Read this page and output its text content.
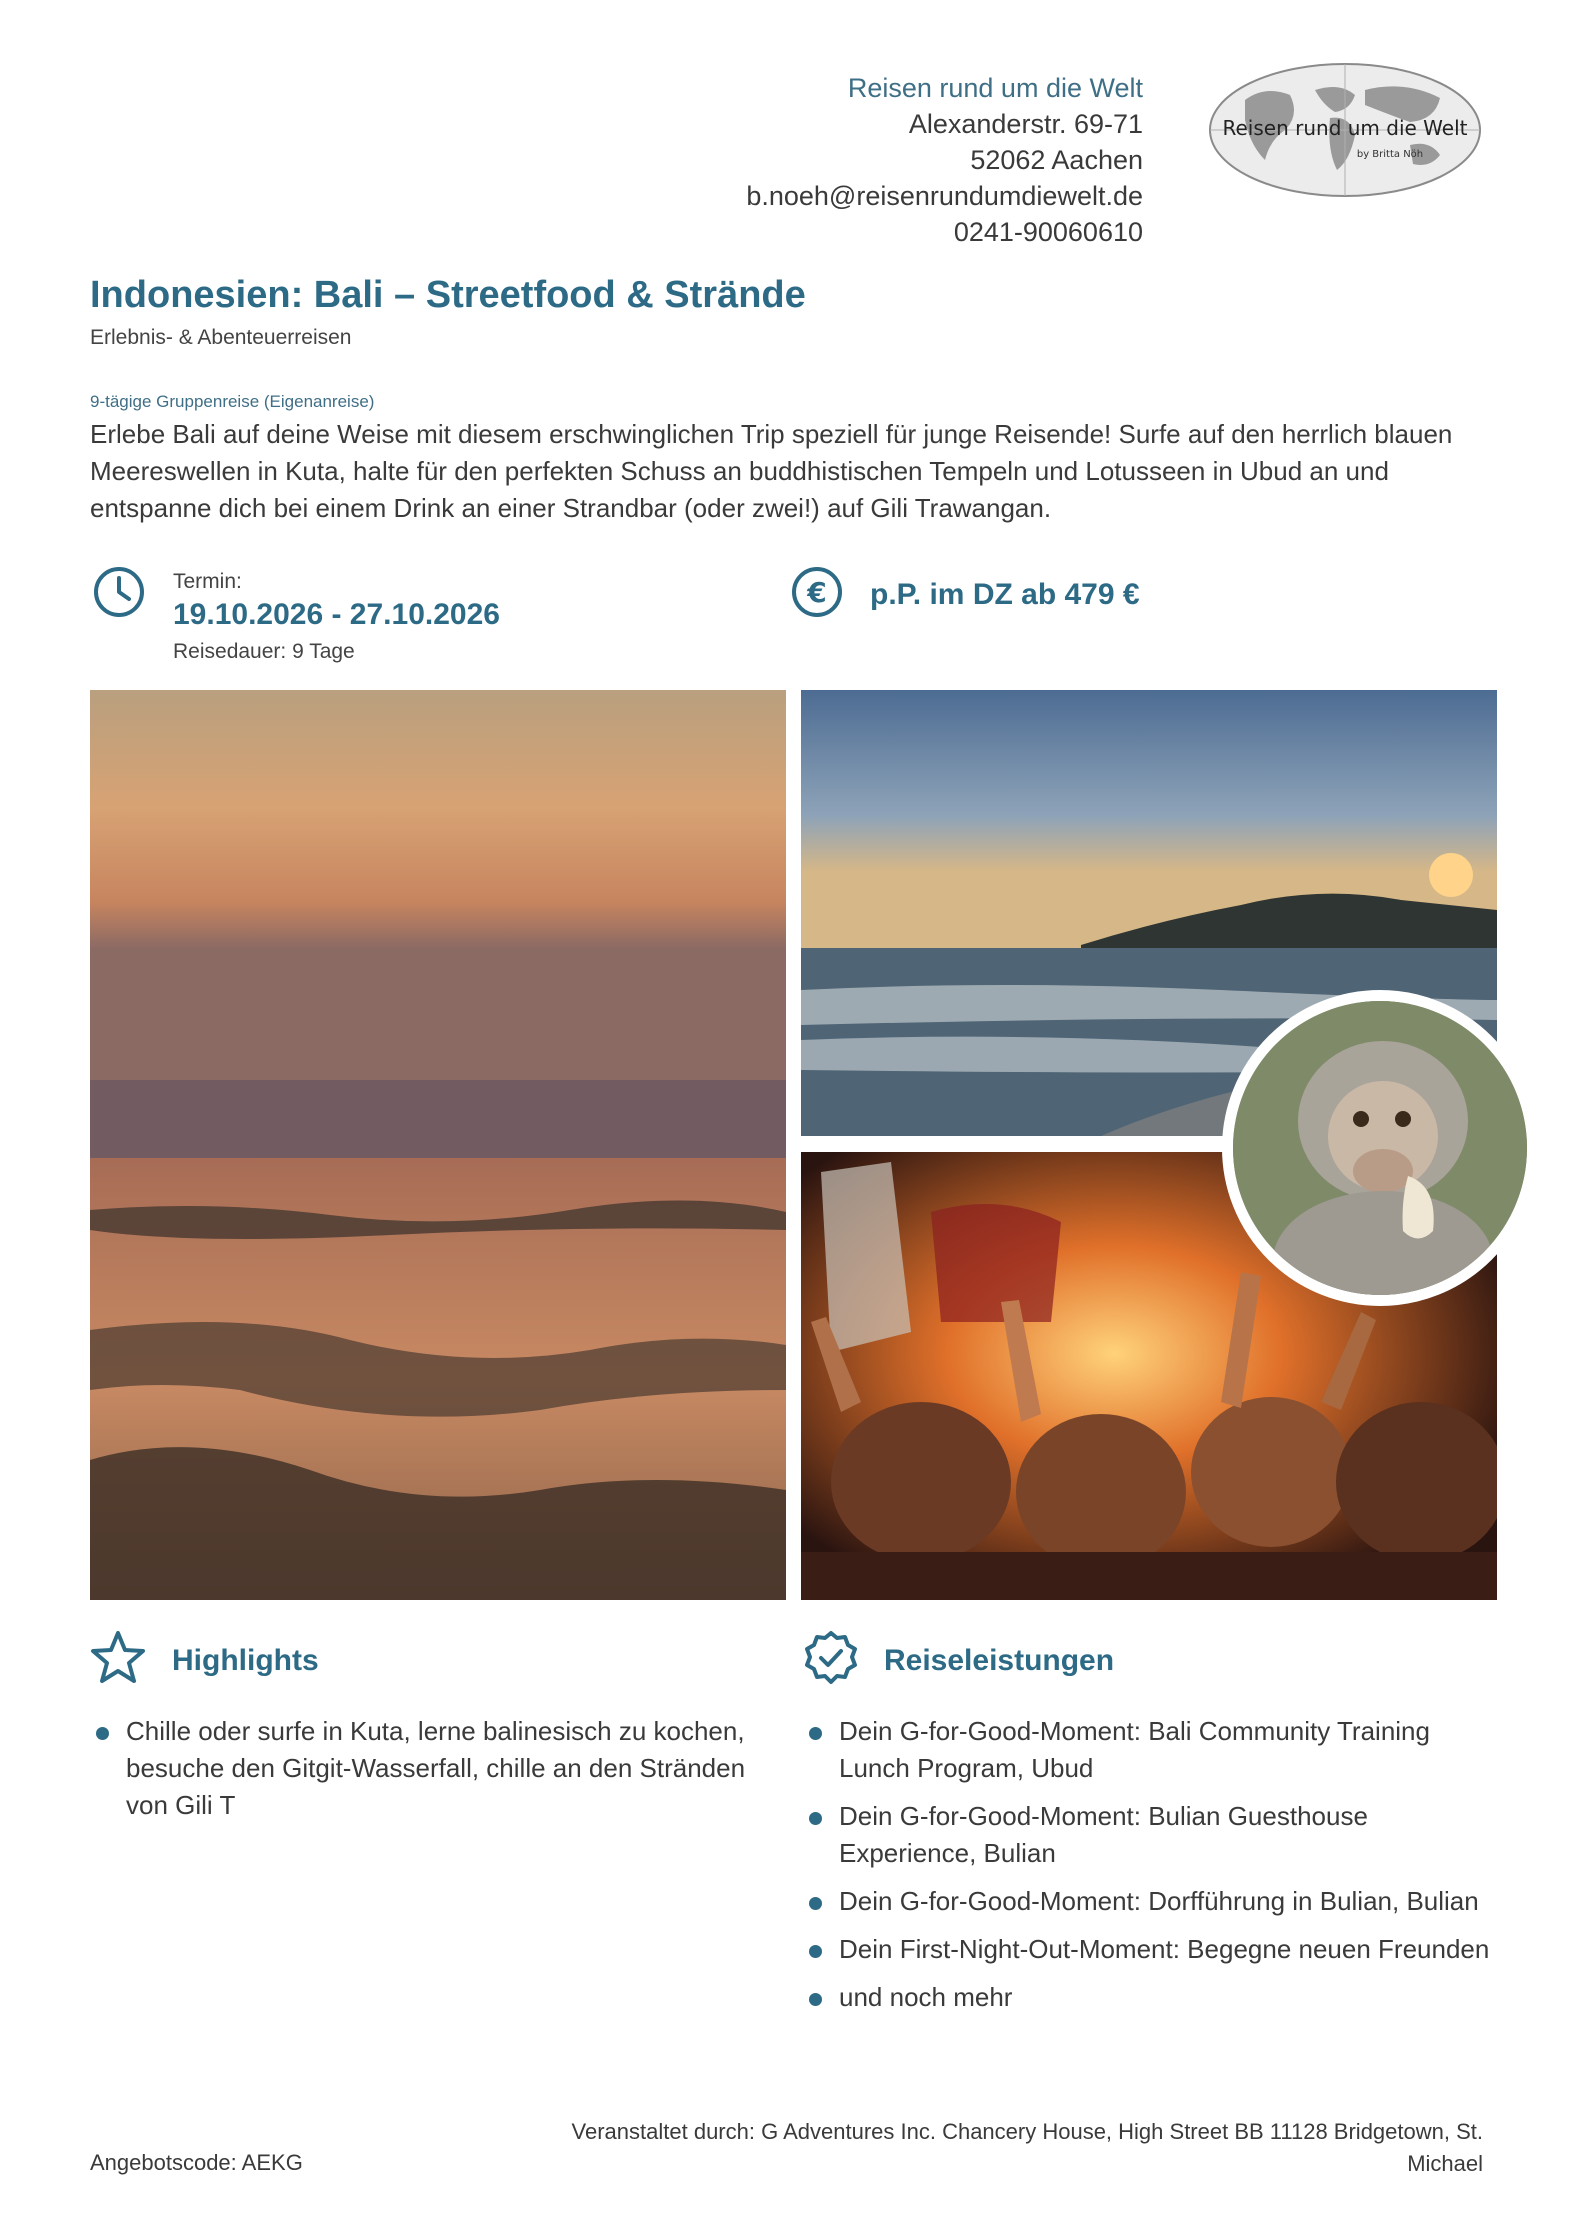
Reisen rund um die Welt
Alexanderstr. 69-71
52062 Aachen
b.noeh@reisenrundumdiewelt.de
0241-90060610
Reisen rund um die Welt
by Britta Nöh
Indonesien: Bali – Streetfood & Strände
Erlebnis- & Abenteuerreisen
9-tägige Gruppenreise (Eigenanreise)
Erlebe Bali auf deine Weise mit diesem erschwinglichen Trip speziell für junge Reisende! Surfe auf den herrlich blauen Meereswellen in Kuta, halte für den perfekten Schuss an buddhistischen Tempeln und Lotusseen in Ubud an und entspanne dich bei einem Drink an einer Strandbar (oder zwei!) auf Gili Trawangan.
Termin:
19.10.2026 - 27.10.2026
Reisedauer: 9 Tage
€ p.P. im DZ ab 479 €
Highlights
Chille oder surfe in Kuta, lerne balinesisch zu kochen, besuche den Gitgit-Wasserfall, chille an den Stränden von Gili T
Reiseleistungen
Dein G-for-Good-Moment: Bali Community Training Lunch Program, Ubud
Dein G-for-Good-Moment: Bulian Guesthouse Experience, Bulian
Dein G-for-Good-Moment: Dorfführung in Bulian, Bulian
Dein First-Night-Out-Moment: Begegne neuen Freunden
und noch mehr
Angebotscode: AEKG
Veranstaltet durch: G Adventures Inc. Chancery House, High Street BB 11128 Bridgetown, St. Michael
